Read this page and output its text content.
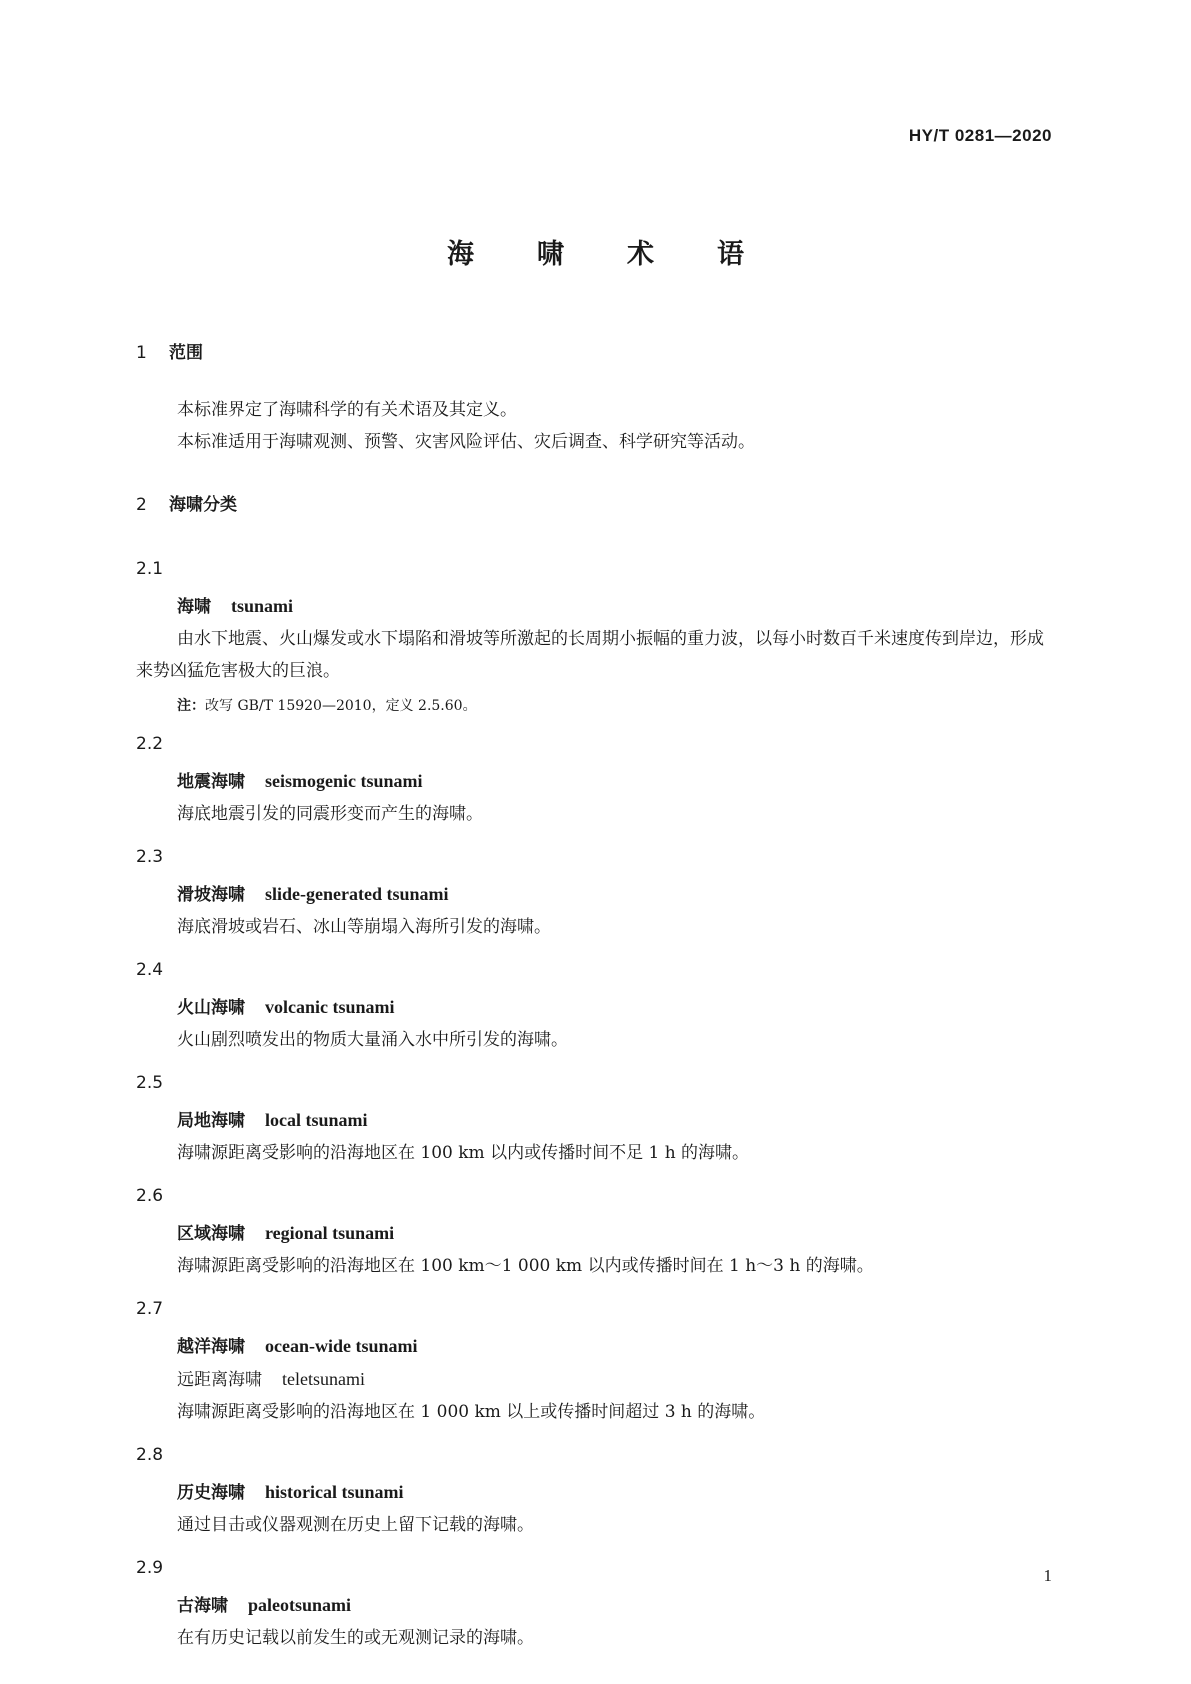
HY/T 0281—2020
海　啸　术　语
1 范围

本标准界定了海啸科学的有关术语及其定义。

本标准适用于海啸观测、预警、灾害风险评估、灾后调查、科学研究等活动。

2 海啸分类
2.1
海啸 tsunami

由水下地震、火山爆发或水下塌陷和滑坡等所激起的长周期小振幅的重力波，以每小时数百千米速度传到岸边，形成来势凶猛危害极大的巨浪。

注：改写 GB/T 15920—2010，定义 2.5.60。
2.2
地震海啸 seismogenic tsunami

海底地震引发的同震形变而产生的海啸。

2.3
滑坡海啸 slide-generated tsunami

海底滑坡或岩石、冰山等崩塌入海所引发的海啸。

2.4
火山海啸 volcanic tsunami

火山剧烈喷发出的物质大量涌入水中所引发的海啸。

2.5
局地海啸 local tsunami

海啸源距离受影响的沿海地区在 100 km 以内或传播时间不足 1 h 的海啸。

2.6
区域海啸 regional tsunami

海啸源距离受影响的沿海地区在 100 km～1 000 km 以内或传播时间在 1 h～3 h 的海啸。

2.7
越洋海啸 ocean-wide tsunami
远距离海啸 teletsunami

海啸源距离受影响的沿海地区在 1 000 km 以上或传播时间超过 3 h 的海啸。

2.8
历史海啸 historical tsunami

通过目击或仪器观测在历史上留下记载的海啸。

2.9
古海啸 paleotsunami

在有历史记载以前发生的或无观测记录的海啸。

1
